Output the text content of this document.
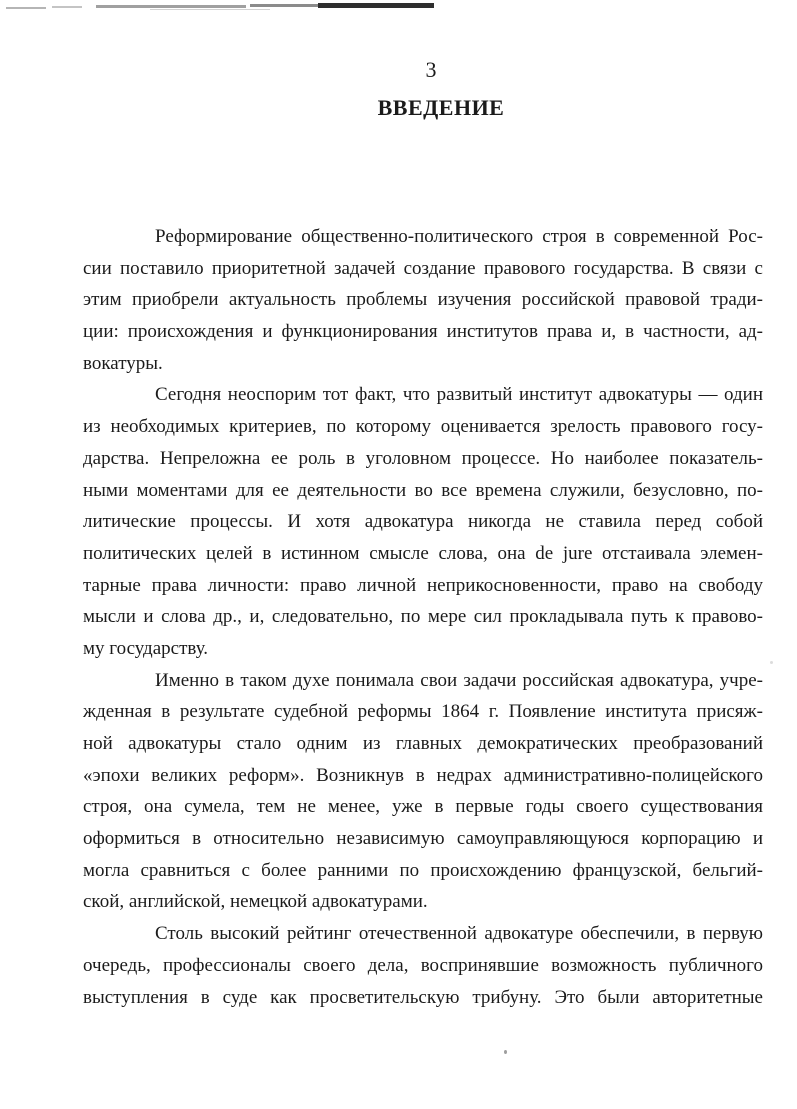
3
ВВЕДЕНИЕ
Реформирование общественно-политического строя в современной Рос-
сии поставило приоритетной задачей создание правового государства. В связи с
этим приобрели актуальность проблемы изучения российской правовой тради-
ции: происхождения и функционирования институтов права и, в частности, ад-
вокатуры.
Сегодня неоспорим тот факт, что развитый институт адвокатуры — один
из необходимых критериев, по которому оценивается зрелость правового госу-
дарства. Непреложна ее роль в уголовном процессе. Но наиболее показатель-
ными моментами для ее деятельности во все времена служили, безусловно, по-
литические процессы. И хотя адвокатура никогда не ставила перед собой
политических целей в истинном смысле слова, она de jure отстаивала элемен-
тарные права личности: право личной неприкосновенности, право на свободу
мысли и слова др., и, следовательно, по мере сил прокладывала путь к правово-
му государству.
Именно в таком духе понимала свои задачи российская адвокатура, учре-
жденная в результате судебной реформы 1864 г. Появление института присяж-
ной адвокатуры стало одним из главных демократических преобразований
«эпохи великих реформ». Возникнув в недрах административно-полицейского
строя, она сумела, тем не менее, уже в первые годы своего существования
оформиться в относительно независимую самоуправляющуюся корпорацию и
могла сравниться с более ранними по происхождению французской, бельгий-
ской, английской, немецкой адвокатурами.
Столь высокий рейтинг отечественной адвокатуре обеспечили, в первую
очередь, профессионалы своего дела, воспринявшие возможность публичного
выступления в суде как просветительскую трибуну. Это были авторитетные
